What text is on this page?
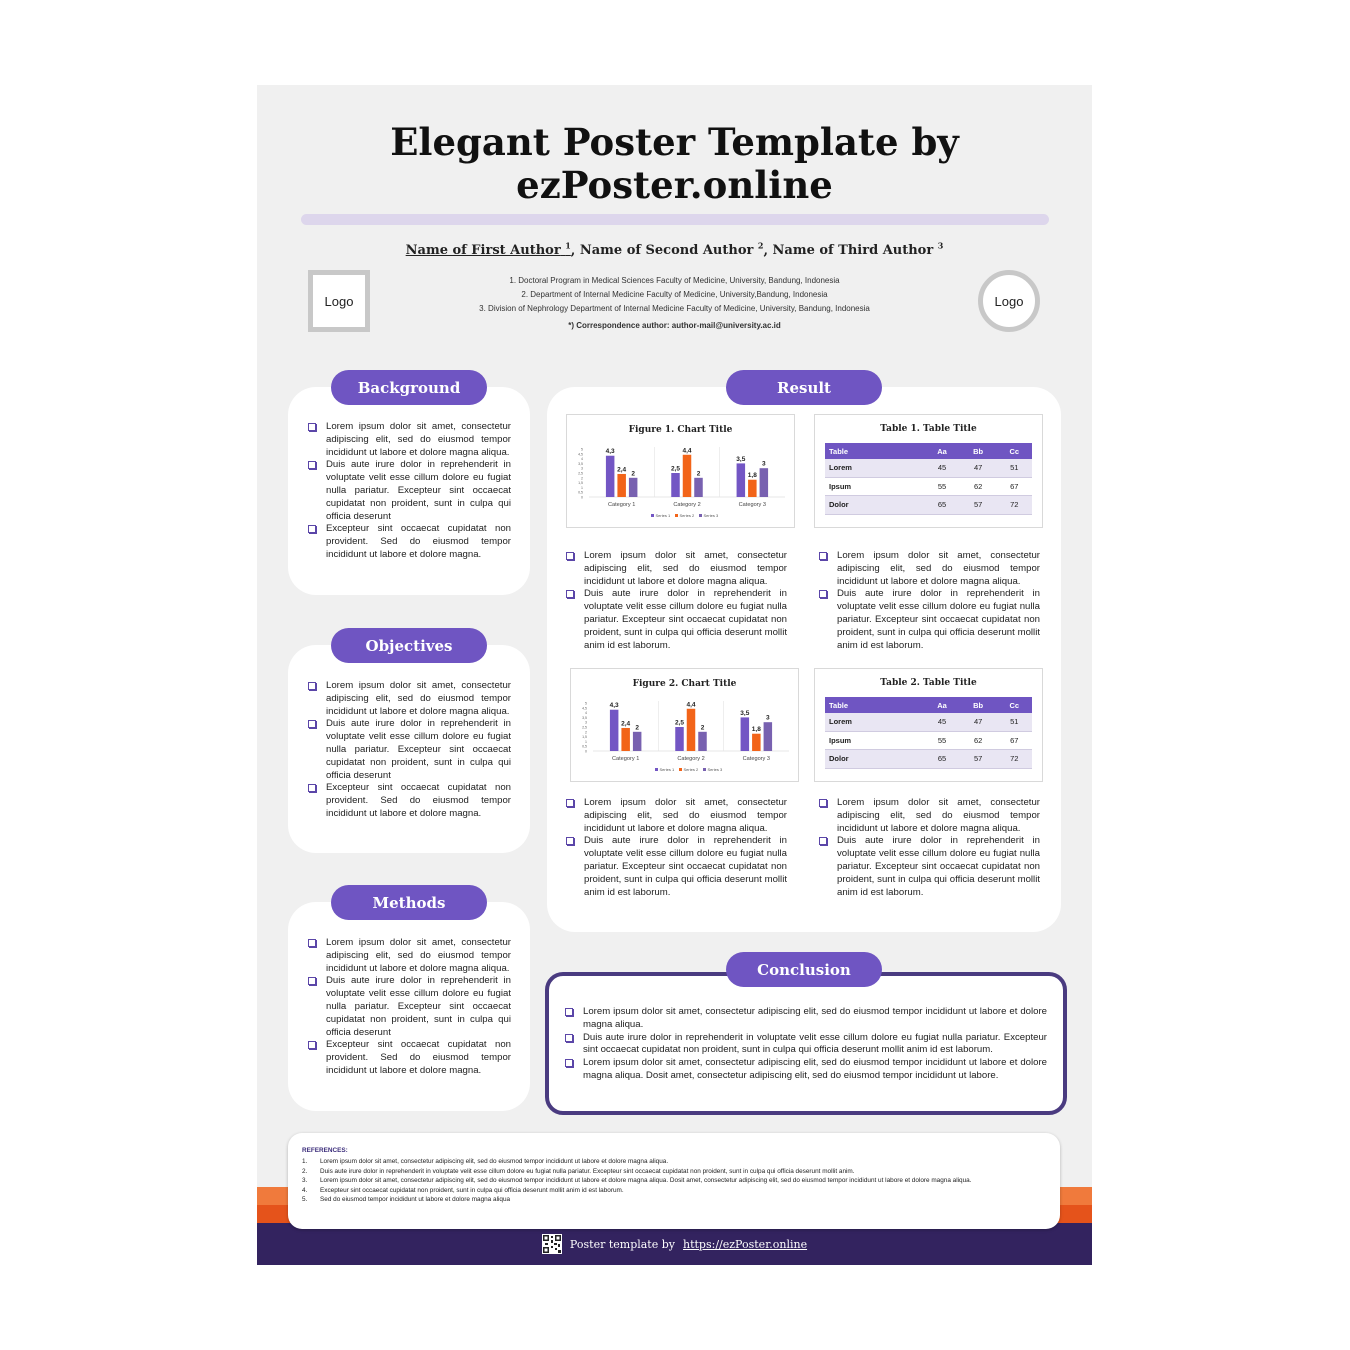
Elegant Poster Template by
ezPoster.online
Name of First Author $^1$, Name of Second Author $^2$, Name of Third Author $^3$
Logo	Logo
1. Doctoral Program in Medical Sciences Faculty of Medicine, University, Bandung, Indonesia
2. Department of Internal Medicine Faculty of Medicine, University,Bandung, Indonesia
3. Division of Nephrology Department of Internal Medicine Faculty of Medicine, University, Bandung, Indonesia
*) Correspondence author: author-mail@university.ac.id
Background
Lorem ipsum dolor sit amet, consectetur adipiscing elit, sed do eiusmod tempor incididunt ut labore et dolore magna aliqua.
Duis aute irure dolor in reprehenderit in voluptate velit esse cillum dolore eu fugiat nulla pariatur. Excepteur sint occaecat cupidatat non proident, sunt in culpa qui officia deserunt
Excepteur sint occaecat cupidatat non provident. Sed do eiusmod tempor incididunt ut labore et dolore magna.
Objectives
Lorem ipsum dolor sit amet, consectetur adipiscing elit, sed do eiusmod tempor incididunt ut labore et dolore magna aliqua.
Duis aute irure dolor in reprehenderit in voluptate velit esse cillum dolore eu fugiat nulla pariatur. Excepteur sint occaecat cupidatat non proident, sunt in culpa qui officia deserunt
Excepteur sint occaecat cupidatat non provident. Sed do eiusmod tempor incididunt ut labore et dolore magna.
Methods
Lorem ipsum dolor sit amet, consectetur adipiscing elit, sed do eiusmod tempor incididunt ut labore et dolore magna aliqua.
Duis aute irure dolor in reprehenderit in voluptate velit esse cillum dolore eu fugiat nulla pariatur. Excepteur sint occaecat cupidatat non proident, sunt in culpa qui officia deserunt
Excepteur sint occaecat cupidatat non provident. Sed do eiusmod tempor incididunt ut labore et dolore magna.
Result
Figure 1. Chart Title
0
0,5
1
1,5
2
2,5
3
3,5
4
4,5
5	4,3
2,4
2
Category 1
2,5
4,4
2
Category 2
3,5
1,8
3
Category 3
Series 1 Series 2 Series 3
Table 1. Table Title
Table	Aa	Bb	Cc
Lorem	45	47	51
Ipsum	55	62	67
Dolor	65	57	72
Lorem ipsum dolor sit amet, consectetur adipiscing elit, sed do eiusmod tempor incididunt ut labore et dolore magna aliqua.
Duis aute irure dolor in reprehenderit in voluptate velit esse cillum dolore eu fugiat nulla pariatur. Excepteur sint occaecat cupidatat non proident, sunt in culpa qui officia deserunt mollit anim id est laborum.
Lorem ipsum dolor sit amet, consectetur adipiscing elit, sed do eiusmod tempor incididunt ut labore et dolore magna aliqua.
Duis aute irure dolor in reprehenderit in voluptate velit esse cillum dolore eu fugiat nulla pariatur. Excepteur sint occaecat cupidatat non proident, sunt in culpa qui officia deserunt mollit anim id est laborum.
Figure 2. Chart Title
0
0,5
1
1,5
2
2,5
3
3,5
4
4,5
5	4,3
2,4
2
Category 1
2,5
4,4
2
Category 2
3,5
1,8
3
Category 3
Series 1 Series 2 Series 3
Table 2. Table Title
Table	Aa	Bb	Cc
Lorem	45	47	51
Ipsum	55	62	67
Dolor	65	57	72
Lorem ipsum dolor sit amet, consectetur adipiscing elit, sed do eiusmod tempor incididunt ut labore et dolore magna aliqua.
Duis aute irure dolor in reprehenderit in voluptate velit esse cillum dolore eu fugiat nulla pariatur. Excepteur sint occaecat cupidatat non proident, sunt in culpa qui officia deserunt mollit anim id est laborum.
Lorem ipsum dolor sit amet, consectetur adipiscing elit, sed do eiusmod tempor incididunt ut labore et dolore magna aliqua.
Duis aute irure dolor in reprehenderit in voluptate velit esse cillum dolore eu fugiat nulla pariatur. Excepteur sint occaecat cupidatat non proident, sunt in culpa qui officia deserunt mollit anim id est laborum.
Lorem ipsum dolor sit amet, consectetur adipiscing elit, sed do eiusmod tempor incididunt ut labore et dolore magna aliqua.
Duis aute irure dolor in reprehenderit in voluptate velit esse cillum dolore eu fugiat nulla pariatur. Excepteur sint occaecat cupidatat non proident, sunt in culpa qui officia deserunt mollit anim id est laborum.
Lorem ipsum dolor sit amet, consectetur adipiscing elit, sed do eiusmod tempor incididunt ut labore et dolore magna aliqua. Dosit amet, consectetur adipiscing elit, sed do eiusmod tempor incididunt ut labore.
Conclusion
Poster template by https://ezPoster.online
REFERENCES:
1. Lorem ipsum dolor sit amet, consectetur adipiscing elit, sed do eiusmod tempor incididunt ut labore et dolore magna aliqua.
2. Duis aute irure dolor in reprehenderit in voluptate velit esse cillum dolore eu fugiat nulla pariatur. Excepteur sint occaecat cupidatat non proident, sunt in culpa qui officia deserunt mollit anim.
3. Lorem ipsum dolor sit amet, consectetur adipiscing elit, sed do eiusmod tempor incididunt ut labore et dolore magna aliqua. Dosit amet, consectetur adipiscing elit, sed do eiusmod tempor incididunt ut labore et dolore magna aliqua.
4. Excepteur sint occaecat cupidatat non proident, sunt in culpa qui officia deserunt mollit anim id est laborum.
5. Sed do eiusmod tempor incididunt ut labore et dolore magna aliqua
